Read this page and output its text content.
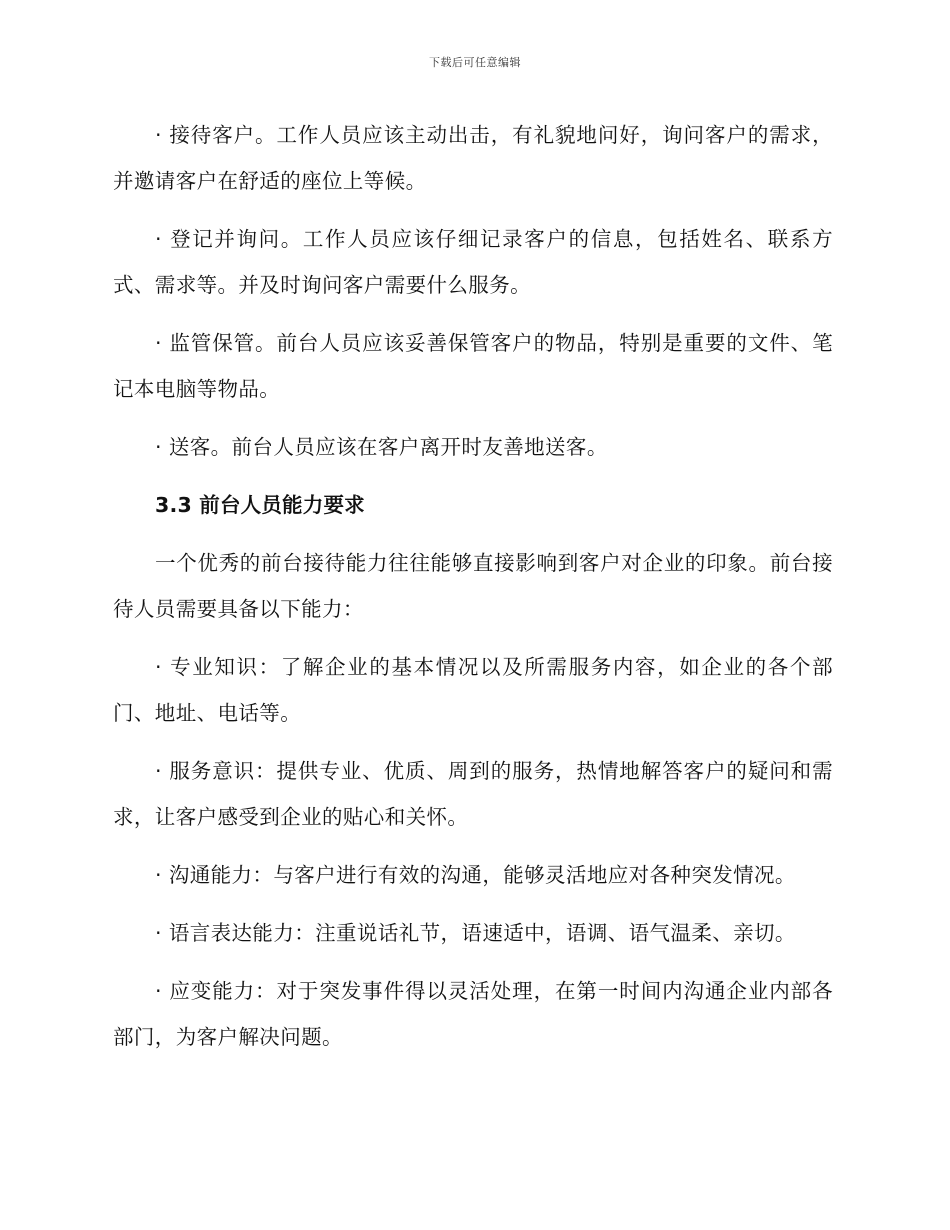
下载后可任意编辑

· 接待客户。工作人员应该主动出击，有礼貌地问好，询问客户的需求，并邀请客户在舒适的座位上等候。

· 登记并询问。工作人员应该仔细记录客户的信息，包括姓名、联系方式、需求等。并及时询问客户需要什么服务。

· 监管保管。前台人员应该妥善保管客户的物品，特别是重要的文件、笔记本电脑等物品。

· 送客。前台人员应该在客户离开时友善地送客。

3.3 前台人员能力要求

一个优秀的前台接待能力往往能够直接影响到客户对企业的印象。前台接待人员需要具备以下能力：

· 专业知识：了解企业的基本情况以及所需服务内容，如企业的各个部门、地址、电话等。

· 服务意识：提供专业、优质、周到的服务，热情地解答客户的疑问和需求，让客户感受到企业的贴心和关怀。

· 沟通能力：与客户进行有效的沟通，能够灵活地应对各种突发情况。

· 语言表达能力：注重说话礼节，语速适中，语调、语气温柔、亲切。

· 应变能力：对于突发事件得以灵活处理，在第一时间内沟通企业内部各部门，为客户解决问题。
